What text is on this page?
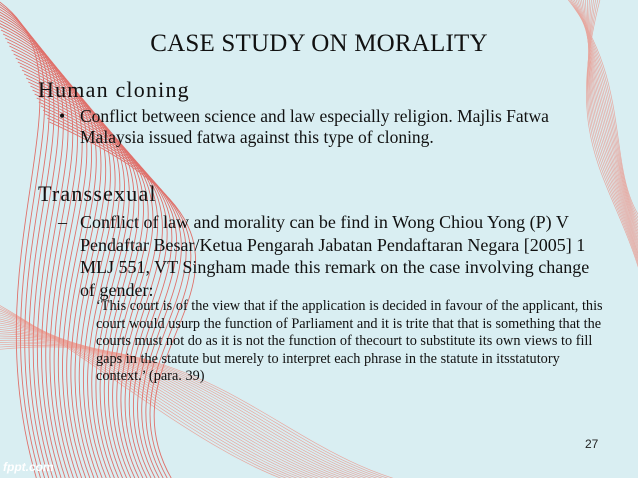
CASE STUDY ON MORALITY
Human cloning
• Conflict between science and law especially religion. Majlis Fatwa Malaysia issued fatwa against this type of cloning.
Transsexual
– Conflict of law and morality can be find in Wong Chiou Yong (P) V Pendaftar Besar/Ketua Pengarah Jabatan Pendaftaran Negara [2005] 1 MLJ 551, VT Singham made this remark on the case involving change of gender:
‘This court is of the view that if the application is decided in favour of the applicant, this court would usurp the function of Parliament and it is trite that that is something that the courts must not do as it is not the function of thecourt to substitute its own views to fill gaps in the statute but merely to interpret each phrase in the statute in itsstatutory context.’ (para. 39)
27
fppt.com
